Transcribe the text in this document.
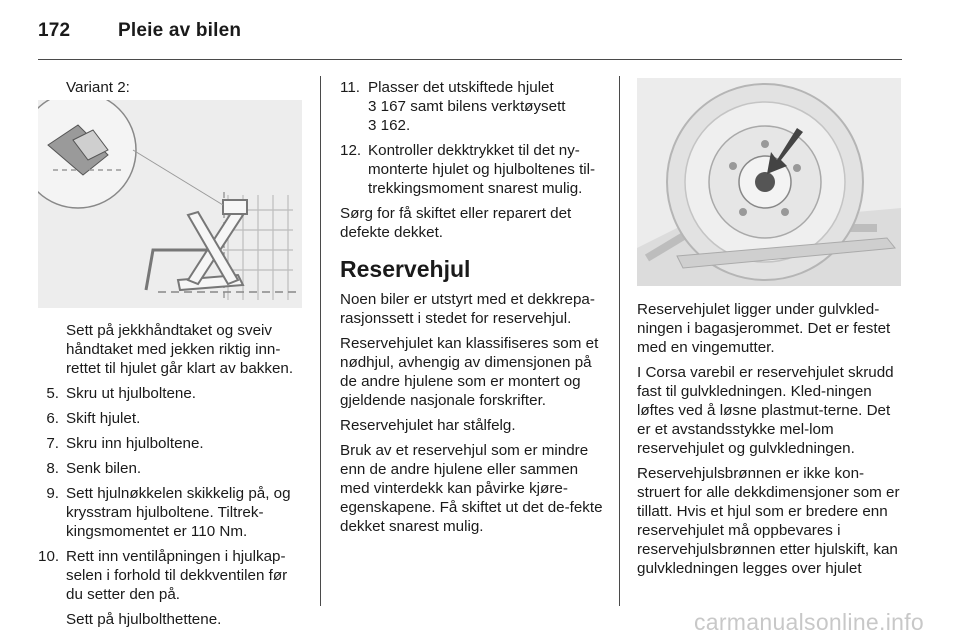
172	Pleie av bilen

Variant 2:

Sett på jekkhåndtaket og sveiv håndtaket med jekken riktig inn-rettet til hjulet går klart av bakken.

5. Skru ut hjulboltene.
6. Skift hjulet.
7. Skru inn hjulboltene.
8. Senk bilen.
9. Sett hjulnøkkelen skikkelig på, og krysstram hjulboltene. Tiltrek-kingsmomentet er 110 Nm.
10. Rett inn ventilåpningen i hjulkap-selen i forhold til dekkventilen før du setter den på.

Sett på hjulbolthettene.

11. Plasser det utskiftede hjulet
3 167 samt bilens verktøysett
3 162.
12. Kontroller dekktrykket til det ny-monterte hjulet og hjulboltenes til-trekkingsmoment snarest mulig.

Sørg for få skiftet eller reparert det defekte dekket.

Reservehjul

Noen biler er utstyrt med et dekkrepa-rasjonssett i stedet for reservehjul.

Reservehjulet kan klassifiseres som et nødhjul, avhengig av dimensjonen på de andre hjulene som er montert og gjeldende nasjonale forskrifter.

Reservehjulet har stålfelg.

Bruk av et reservehjul som er mindre enn de andre hjulene eller sammen med vinterdekk kan påvirke kjøre-egenskapene. Få skiftet ut det de-fekte dekket snarest mulig.

Reservehjulet ligger under gulvkled-ningen i bagasjerommet. Det er festet med en vingemutter.

I Corsa varebil er reservehjulet skrudd fast til gulvkledningen. Kled-ningen løftes ved å løsne plastmut-terne. Det er et avstandsstykke mel-lom reservehjulet og gulvkledningen.

Reservehjulsbrønnen er ikke kon-struert for alle dekkdimensjoner som er tillatt. Hvis et hjul som er bredere enn reservehjulet må oppbevares i reservehjulsbrønnen etter hjulskift, kan gulvkledningen legges over hjulet

carmanualsonline.info
